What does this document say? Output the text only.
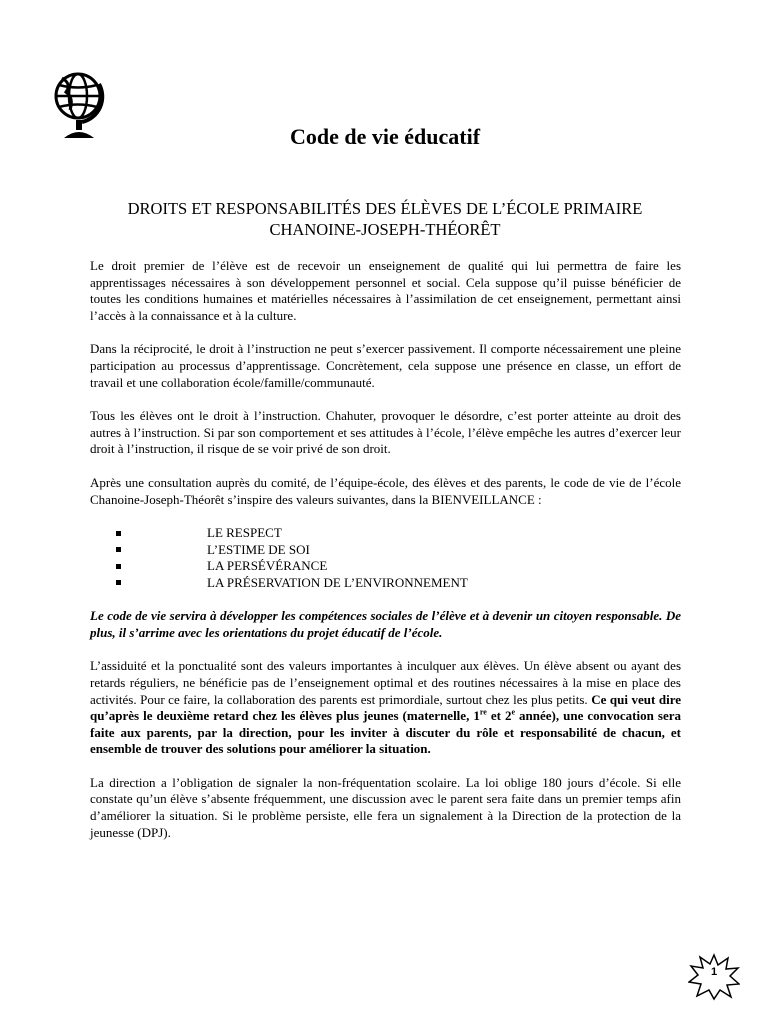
Code de vie éducatif
DROITS ET RESPONSABILITÉS DES ÉLÈVES DE L’ÉCOLE PRIMAIRE
CHANOINE-JOSEPH-THÉORÊT

Le droit premier de l’élève est de recevoir un enseignement de qualité qui lui permettra de faire les apprentissages nécessaires à son développement personnel et social. Cela suppose qu’il puisse bénéficier de toutes les conditions humaines et matérielles nécessaires à l’assimilation de cet enseignement, permettant ainsi l’accès à la connaissance et à la culture.

Dans la réciprocité, le droit à l’instruction ne peut s’exercer passivement. Il comporte nécessairement une pleine participation au processus d’apprentissage. Concrètement, cela suppose une présence en classe, un effort de travail et une collaboration école/famille/communauté.

Tous les élèves ont le droit à l’instruction. Chahuter, provoquer le désordre, c’est porter atteinte au droit des autres à l’instruction. Si par son comportement et ses attitudes à l’école, l’élève empêche les autres d’exercer leur droit à l’instruction, il risque de se voir privé de son droit.

Après une consultation auprès du comité, de l’équipe-école, des élèves et des parents, le code de vie de l’école Chanoine-Joseph-Théorêt s’inspire des valeurs suivantes, dans la BIENVEILLANCE :

LE RESPECT
L’ESTIME DE SOI
LA PERSÉVÉRANCE
LA PRÉSERVATION DE L’ENVIRONNEMENT

Le code de vie servira à développer les compétences sociales de l’élève et à devenir un citoyen responsable. De plus, il s’arrime avec les orientations du projet éducatif de l’école.

L’assiduité et la ponctualité sont des valeurs importantes à inculquer aux élèves. Un élève absent ou ayant des retards réguliers, ne bénéficie pas de l’enseignement optimal et des routines nécessaires à la mise en place des activités. Pour ce faire, la collaboration des parents est primordiale, surtout chez les plus petits. Ce qui veut dire qu’après le deuxième retard chez les élèves plus jeunes (maternelle, 1re et 2e année), une convocation sera faite aux parents, par la direction, pour les inviter à discuter du rôle et responsabilité de chacun, et ensemble de trouver des solutions pour améliorer la situation.

La direction a l’obligation de signaler la non-fréquentation scolaire. La loi oblige 180 jours d’école. Si elle constate qu’un élève s’absente fréquemment, une discussion avec le parent sera faite dans un premier temps afin d’améliorer la situation. Si le problème persiste, elle fera un signalement à la Direction de la protection de la jeunesse (DPJ).

1
